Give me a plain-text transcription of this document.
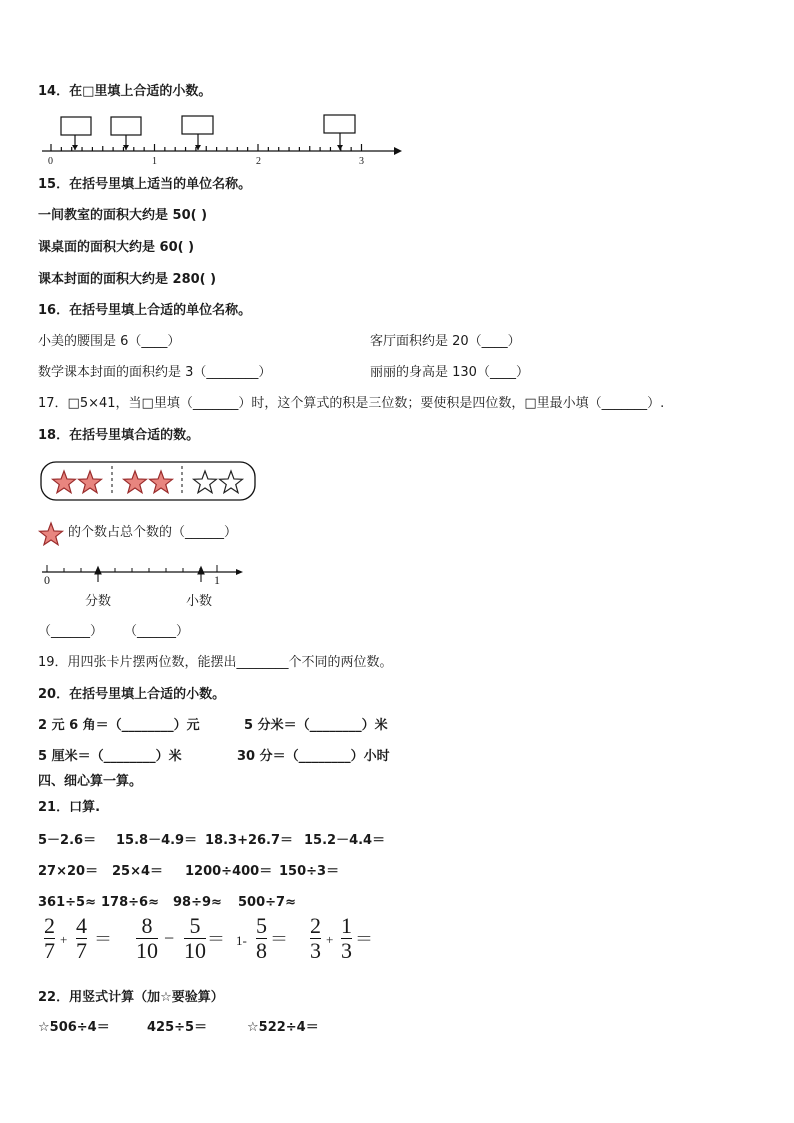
14．在□里填上合适的小数。
0	1	2	3
15．在括号里填上适当的单位名称。
一间教室的面积大约是 50( )
课桌面的面积大约是 60( )
课本封面的面积大约是 280( )
16．在括号里填上合适的单位名称。
小美的腰围是 6（____）	客厅面积约是 20（____）
数学课本封面的面积约是 3（________）	丽丽的身高是 130（____）
17．□5×41，当□里填（_______）时，这个算式的积是三位数；要使积是四位数，□里最小填（_______）.
18．在括号里填合适的数。
的个数占总个数的（______）
0	1
分数	小数
（______） （______）
19．用四张卡片摆两位数，能摆出________个不同的两位数。
20．在括号里填上合适的小数。
2 元 6 角＝（________）元	5 分米＝（________）米
5 厘米＝（________）米	30 分＝（________）小时
四、细心算一算。
21．口算.
5－2.6＝ 15.8－4.9＝ 18.3+26.7＝ 15.2－4.4＝
27×20＝ 25×4＝ 1200÷400＝ 150÷3＝
361÷5≈ 178÷6≈ 98÷9≈ 500÷7≈
2
7 +
4
7 ＝
8
10 − 5
10 ＝ 1-
5
8 ＝
2
3 +
1
3 ＝
22．用竖式计算（加☆要验算）
☆506÷4＝	425÷5＝	☆522÷4＝
